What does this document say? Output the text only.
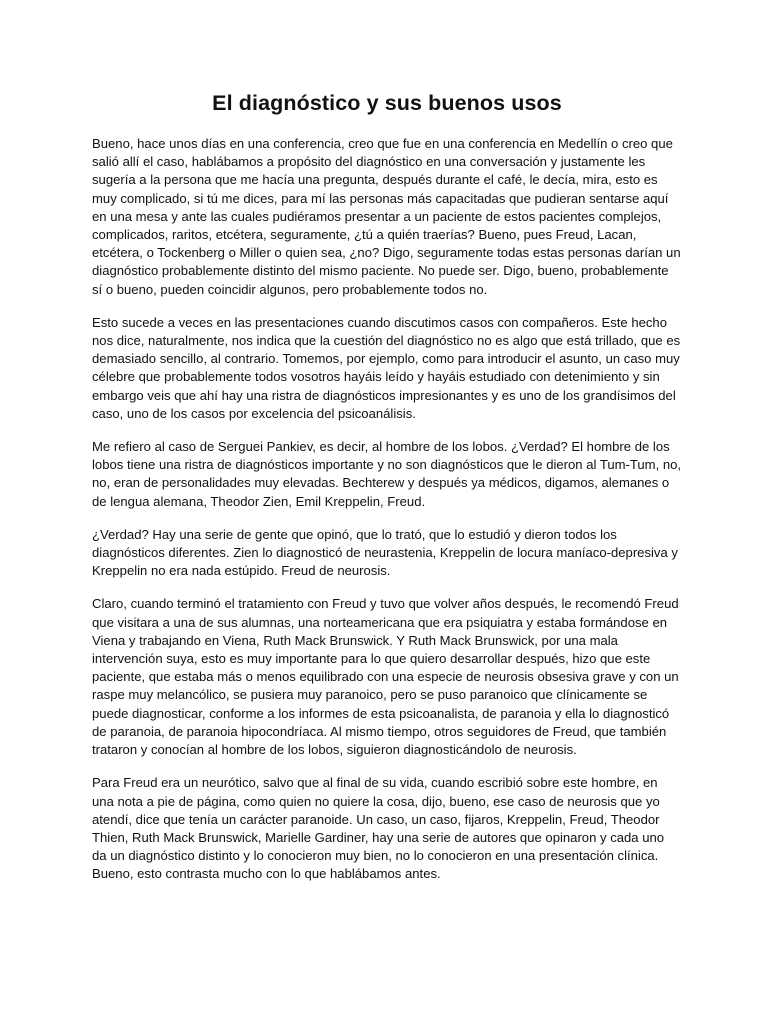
El diagnóstico y sus buenos usos

Bueno, hace unos días en una conferencia, creo que fue en una conferencia en Medellín o creo que salió allí el caso, hablábamos a propósito del diagnóstico en una conversación y justamente les sugería a la persona que me hacía una pregunta, después durante el café, le decía, mira, esto es muy complicado, si tú me dices, para mí las personas más capacitadas que pudieran sentarse aquí en una mesa y ante las cuales pudiéramos presentar a un paciente de estos pacientes complejos, complicados, raritos, etcétera, seguramente, ¿tú a quién traerías? Bueno, pues Freud, Lacan, etcétera, o Tockenberg o Miller o quien sea, ¿no? Digo, seguramente todas estas personas darían un diagnóstico probablemente distinto del mismo paciente. No puede ser. Digo, bueno, probablemente sí o bueno, pueden coincidir algunos, pero probablemente todos no.

Esto sucede a veces en las presentaciones cuando discutimos casos con compañeros. Este hecho nos dice, naturalmente, nos indica que la cuestión del diagnóstico no es algo que está trillado, que es demasiado sencillo, al contrario. Tomemos, por ejemplo, como para introducir el asunto, un caso muy célebre que probablemente todos vosotros hayáis leído y hayáis estudiado con detenimiento y sin embargo veis que ahí hay una ristra de diagnósticos impresionantes y es uno de los grandísimos del caso, uno de los casos por excelencia del psicoanálisis.

Me refiero al caso de Serguei Pankiev, es decir, al hombre de los lobos. ¿Verdad? El hombre de los lobos tiene una ristra de diagnósticos importante y no son diagnósticos que le dieron al Tum-Tum, no, no, eran de personalidades muy elevadas. Bechterew y después ya médicos, digamos, alemanes o de lengua alemana, Theodor Zien, Emil Kreppelin, Freud.

¿Verdad? Hay una serie de gente que opinó, que lo trató, que lo estudió y dieron todos los diagnósticos diferentes. Zien lo diagnosticó de neurastenia, Kreppelin de locura maníaco-depresiva y Kreppelin no era nada estúpido. Freud de neurosis.

Claro, cuando terminó el tratamiento con Freud y tuvo que volver años después, le recomendó Freud que visitara a una de sus alumnas, una norteamericana que era psiquiatra y estaba formándose en Viena y trabajando en Viena, Ruth Mack Brunswick. Y Ruth Mack Brunswick, por una mala intervención suya, esto es muy importante para lo que quiero desarrollar después, hizo que este paciente, que estaba más o menos equilibrado con una especie de neurosis obsesiva grave y con un raspe muy melancólico, se pusiera muy paranoico, pero se puso paranoico que clínicamente se puede diagnosticar, conforme a los informes de esta psicoanalista, de paranoia y ella lo diagnosticó de paranoia, de paranoia hipocondríaca. Al mismo tiempo, otros seguidores de Freud, que también trataron y conocían al hombre de los lobos, siguieron diagnosticándolo de neurosis.

Para Freud era un neurótico, salvo que al final de su vida, cuando escribió sobre este hombre, en una nota a pie de página, como quien no quiere la cosa, dijo, bueno, ese caso de neurosis que yo atendí, dice que tenía un carácter paranoide. Un caso, un caso, fijaros, Kreppelin, Freud, Theodor Thien, Ruth Mack Brunswick, Marielle Gardiner, hay una serie de autores que opinaron y cada uno da un diagnóstico distinto y lo conocieron muy bien, no lo conocieron en una presentación clínica. Bueno, esto contrasta mucho con lo que hablábamos antes.
